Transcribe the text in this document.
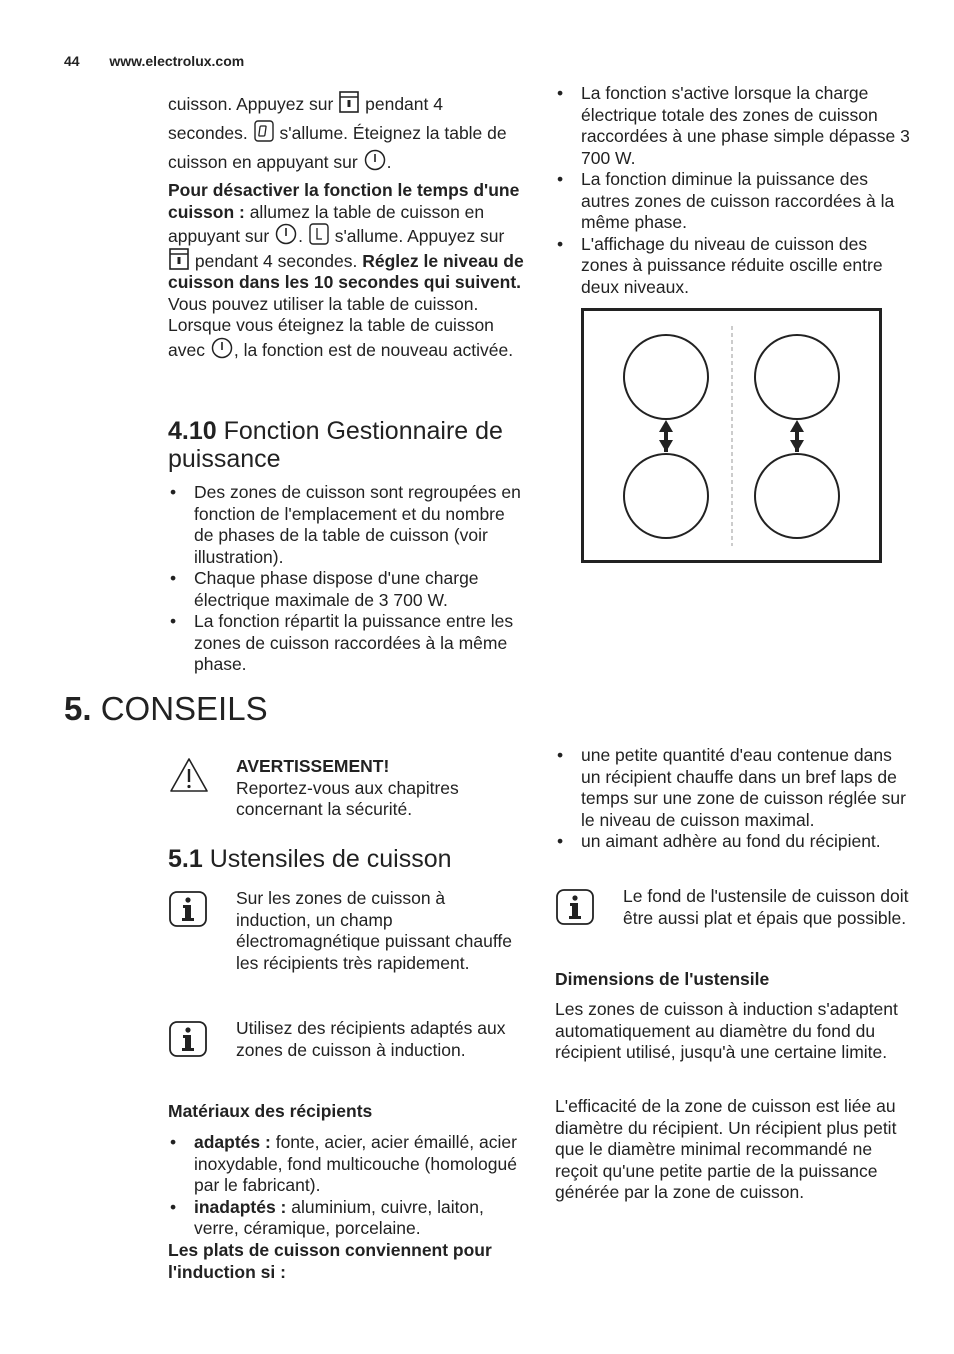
44 www.electrolux.com

cuisson. Appuyez sur pendant 4 secondes. s'allume. Éteignez la table de cuisson en appuyant sur .

Pour désactiver la fonction le temps d'une cuisson : allumez la table de cuisson en appuyant sur . s'allume. Appuyez sur  pendant 4 secondes. Réglez le niveau de cuisson dans les 10 secondes qui suivent. Vous pouvez utiliser la table de cuisson. Lorsque vous éteignez la table de cuisson avec , la fonction est de nouveau activée.

4.10 Fonction Gestionnaire de puissance
• Des zones de cuisson sont regroupées en fonction de l'emplacement et du nombre de phases de la table de cuisson (voir illustration).
• Chaque phase dispose d'une charge électrique maximale de 3 700 W.
• La fonction répartit la puissance entre les zones de cuisson raccordées à la même phase.
• La fonction s'active lorsque la charge électrique totale des zones de cuisson raccordées à une phase simple dépasse 3 700 W.
• La fonction diminue la puissance des autres zones de cuisson raccordées à la même phase.
• L'affichage du niveau de cuisson des zones à puissance réduite oscille entre deux niveaux.
5. CONSEILS
AVERTISSEMENT!
Reportez-vous aux chapitres concernant la sécurité.
5.1 Ustensiles de cuisson
Sur les zones de cuisson à induction, un champ électromagnétique puissant chauffe les récipients très rapidement.
Utilisez des récipients adaptés aux zones de cuisson à induction.
Matériaux des récipients
• adaptés : fonte, acier, acier émaillé, acier inoxydable, fond multicouche (homologué par le fabricant).
• inadaptés : aluminium, cuivre, laiton, verre, céramique, porcelaine.
Les plats de cuisson conviennent pour l'induction si :
• une petite quantité d'eau contenue dans un récipient chauffe dans un bref laps de temps sur une zone de cuisson réglée sur le niveau de cuisson maximal.
• un aimant adhère au fond du récipient.
Le fond de l'ustensile de cuisson doit être aussi plat et épais que possible.
Dimensions de l'ustensile

Les zones de cuisson à induction s'adaptent automatiquement au diamètre du fond du récipient utilisé, jusqu'à une certaine limite.

L'efficacité de la zone de cuisson est liée au diamètre du récipient. Un récipient plus petit que le diamètre minimal recommandé ne reçoit qu'une petite partie de la puissance générée par la zone de cuisson.
